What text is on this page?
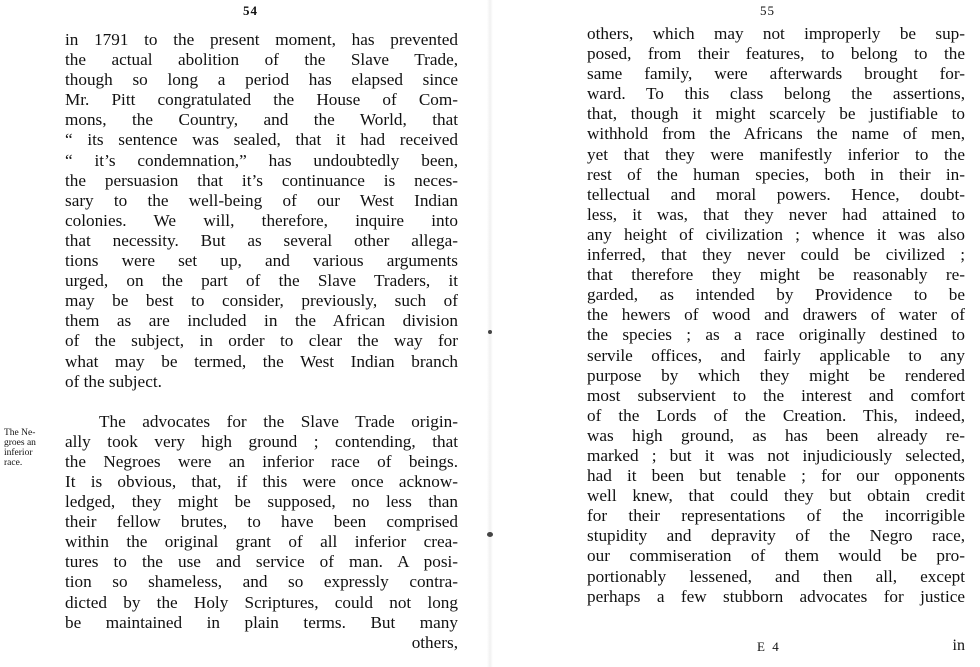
54
The Ne-
groes an
inferior
race.
in 1791 to the present moment, has prevented
the actual abolition of the Slave Trade,
though so long a period has elapsed since
Mr. Pitt congratulated the House of Com-
mons, the Country, and the World, that
“ its sentence was sealed, that it had received
“ it’s condemnation,” has undoubtedly been,
the persuasion that it’s continuance is neces-
sary to the well-being of our West Indian
colonies. We will, therefore, inquire into
that necessity. But as several other allega-
tions were set up, and various arguments
urged, on the part of the Slave Traders, it
may be best to consider, previously, such of
them as are included in the African division
of the subject, in order to clear the way for
what may be termed, the West Indian branch
of the subject.
The advocates for the Slave Trade origin-
ally took very high ground ; contending, that
the Negroes were an inferior race of beings.
It is obvious, that, if this were once acknow-
ledged, they might be supposed, no less than
their fellow brutes, to have been comprised
within the original grant of all inferior crea-
tures to the use and service of man. A posi-
tion so shameless, and so expressly contra-
dicted by the Holy Scriptures, could not long
be maintained in plain terms. But many
others,
55
others, which may not improperly be sup-
posed, from their features, to belong to the
same family, were afterwards brought for-
ward. To this class belong the assertions,
that, though it might scarcely be justifiable to
withhold from the Africans the name of men,
yet that they were manifestly inferior to the
rest of the human species, both in their in-
tellectual and moral powers. Hence, doubt-
less, it was, that they never had attained to
any height of civilization ; whence it was also
inferred, that they never could be civilized ;
that therefore they might be reasonably re-
garded, as intended by Providence to be
the hewers of wood and drawers of water of
the species ; as a race originally destined to
servile offices, and fairly applicable to any
purpose by which they might be rendered
most subservient to the interest and comfort
of the Lords of the Creation. This, indeed,
was high ground, as has been already re-
marked ; but it was not injudiciously selected,
had it been but tenable ; for our opponents
well knew, that could they but obtain credit
for their representations of the incorrigible
stupidity and depravity of the Negro race,
our commiseration of them would be pro-
portionably lessened, and then all, except
perhaps a few stubborn advocates for justice
E 4	in
